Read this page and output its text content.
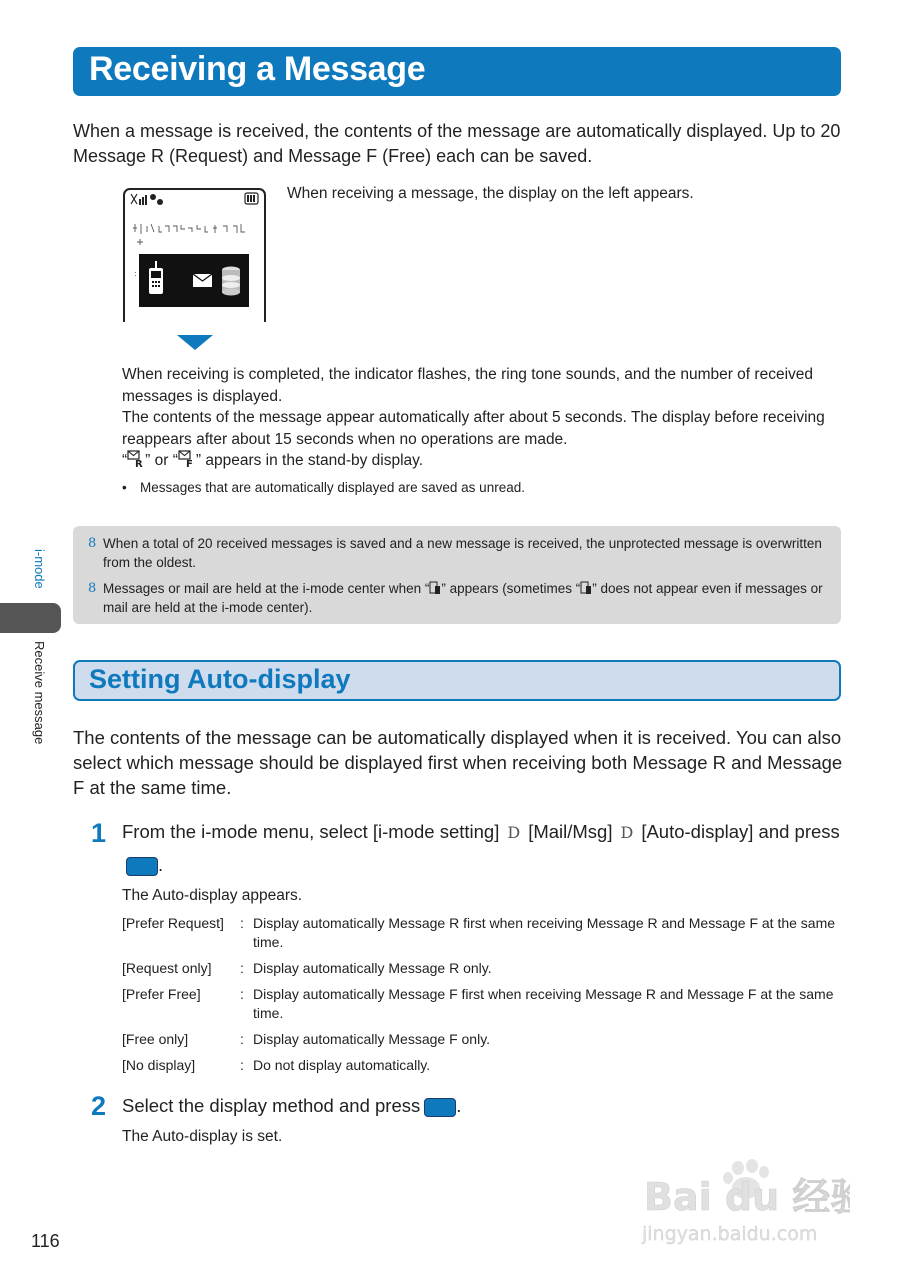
Receiving a Message
When a message is received, the contents of the message are automatically displayed. Up to 20 Message R (Request) and Message F (Free) each can be saved.
:
When receiving a message, the display on the left appears.

When receiving is completed, the indicator flashes, the ring tone sounds, and the number of received messages is displayed.

The contents of the message appear automatically after about 5 seconds. The display before receiving reappears after about 15 seconds when no operations are made.

“ R ” or “ F ” appears in the stand-by display.

• Messages that are automatically displayed are saved as unread.
8 When a total of 20 received messages is saved and a new message is received, the unprotected message is overwritten from the oldest.
8 Messages or mail are held at the i-mode center when “ ” appears (sometimes “ ” does not appear even if messages or mail are held at the i-mode center).
i-mode
Receive message Setting Auto-display
The contents of the message can be automatically displayed when it is received. You can also select which message should be displayed first when receiving both Message R and Message F at the same time.
1 From the i-mode menu, select [i-mode setting] D [Mail/Msg] D [Auto-display] and press .
The Auto-display appears.
[Prefer Request]	: Display automatically Message R first when receiving Message R and Message F at the same time.
[Request only]	: Display automatically Message R only.
[Prefer Free]	: Display automatically Message F first when receiving Message R and Message F at the same time.
[Free only]	: Display automatically Message F only.
[No display]	: Do not display automatically.
2 Select the display method and press .
The Auto-display is set.
116
Bai du 经验
jingyan.baidu.com
